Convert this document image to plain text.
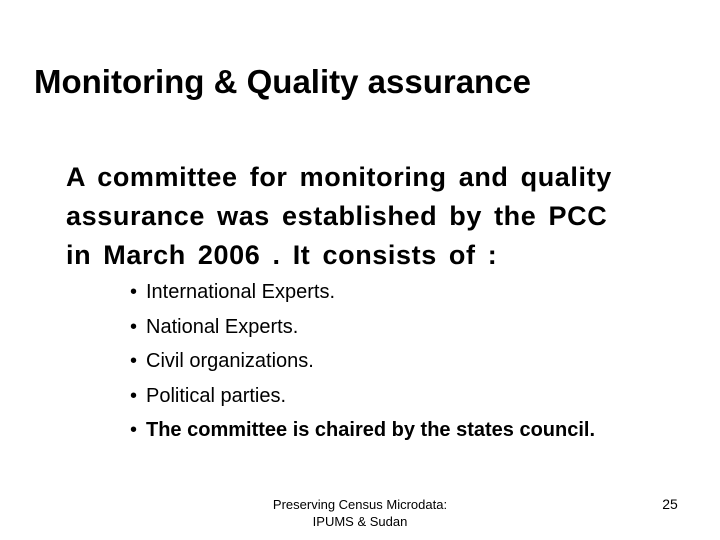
Monitoring & Quality assurance
A committee for monitoring and quality
assurance was established by the PCC
in March 2006 . It consists of :
• International Experts.
• National Experts.
• Civil organizations.
• Political parties.
• The committee is chaired by the states council.
Preserving Census Microdata:
IPUMS & Sudan
25
